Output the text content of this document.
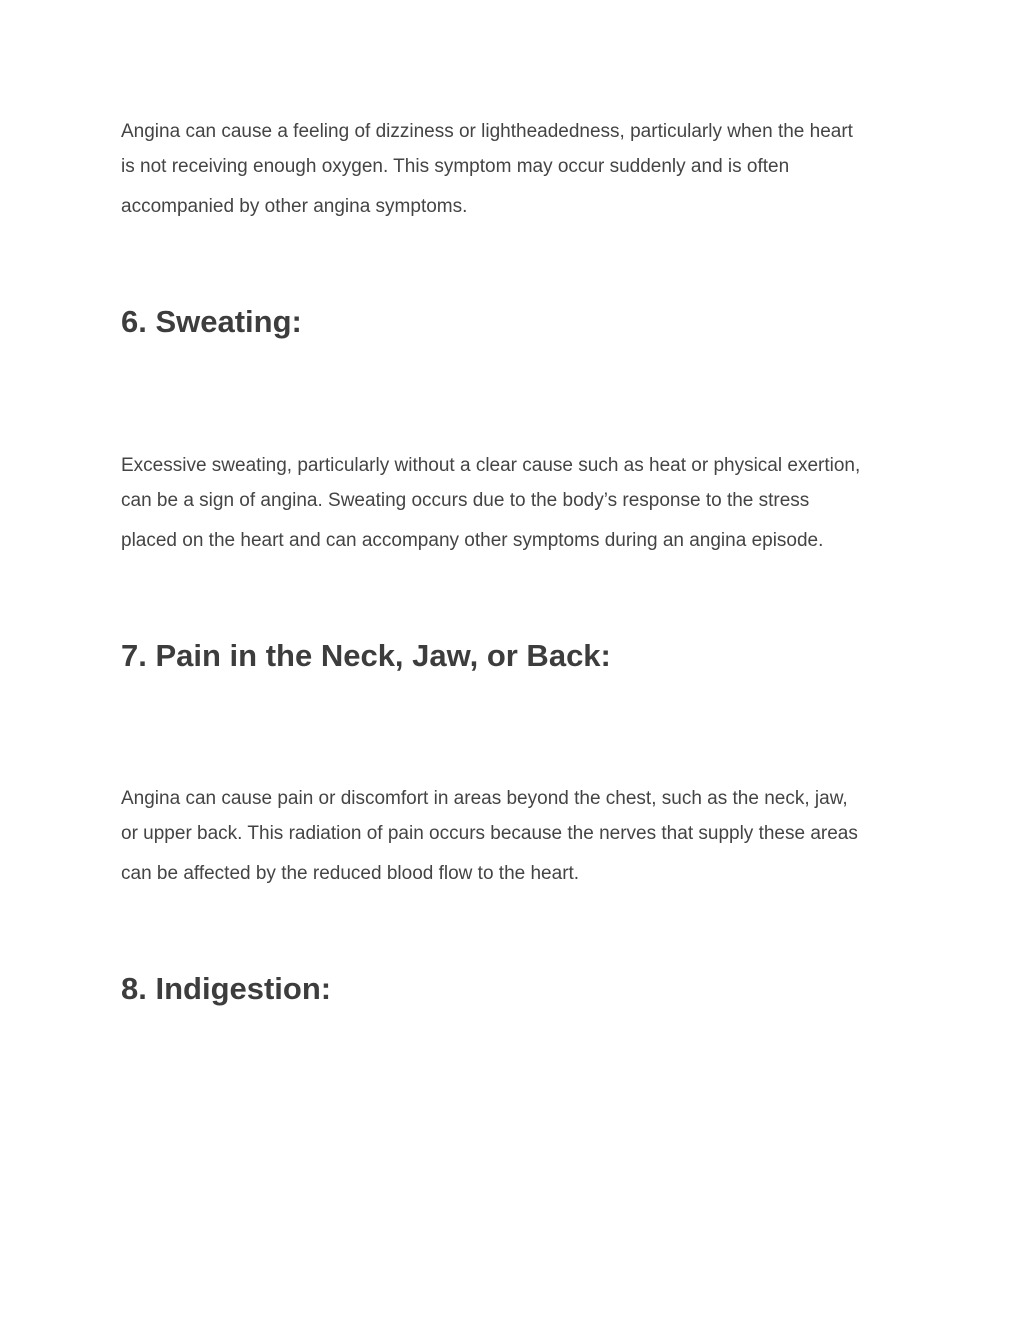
Angina can cause a feeling of dizziness or lightheadedness, particularly when the heart
is not receiving enough oxygen. This symptom may occur suddenly and is often
accompanied by other angina symptoms.

6. Sweating:

Excessive sweating, particularly without a clear cause such as heat or physical exertion,
can be a sign of angina. Sweating occurs due to the body’s response to the stress
placed on the heart and can accompany other symptoms during an angina episode.

7. Pain in the Neck, Jaw, or Back:

Angina can cause pain or discomfort in areas beyond the chest, such as the neck, jaw,
or upper back. This radiation of pain occurs because the nerves that supply these areas
can be affected by the reduced blood flow to the heart.

8. Indigestion:
